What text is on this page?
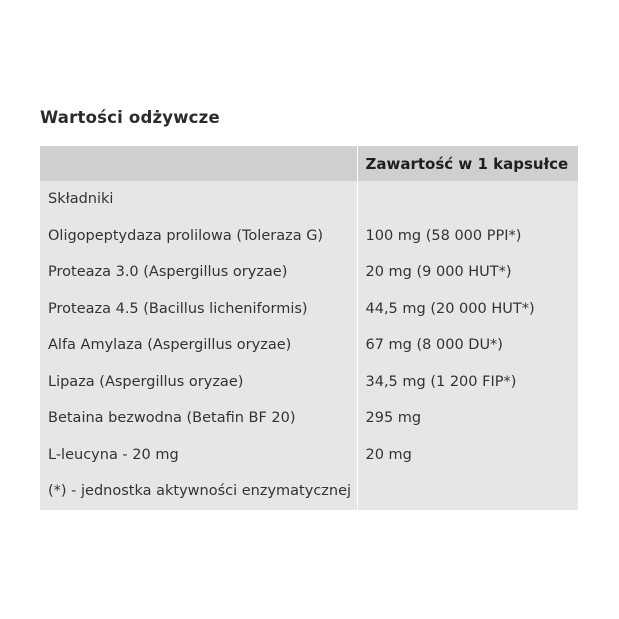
Wartości odżywcze
	Zawartość w 1 kapsułce
Składniki	
Oligopeptydaza prolilowa (Toleraza G)	100 mg (58 000 PPI*)
Proteaza 3.0 (Aspergillus oryzae)	20 mg (9 000 HUT*)
Proteaza 4.5 (Bacillus licheniformis)	44,5 mg (20 000 HUT*)
Alfa Amylaza (Aspergillus oryzae)	67 mg (8 000 DU*)
Lipaza (Aspergillus oryzae)	34,5 mg (1 200 FIP*)
Betaina bezwodna (Betafin BF 20)	295 mg
L-leucyna - 20 mg	20 mg
(*) - jednostka aktywności enzymatycznej	
